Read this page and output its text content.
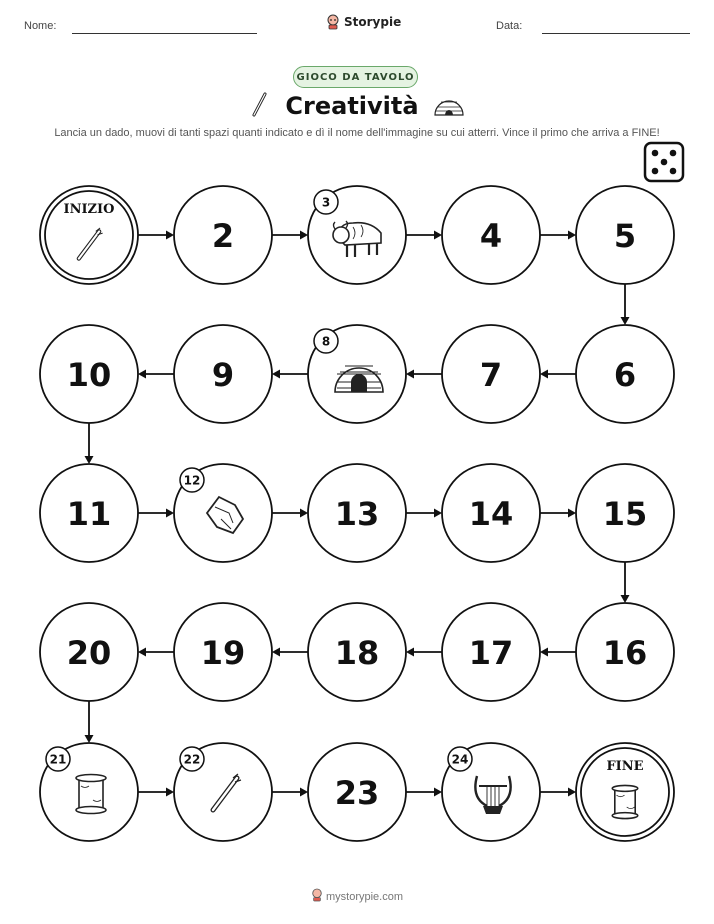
Nome:	Storypie	Data:
GIOCO DA TAVOLO
Creatività
Lancia un dado, muovi di tanti spazi quanti indicato e dì il nome dell'immagine su cui atterri. Vince il primo che arriva a FINE!
INIZIO
2
3
4	5
6
7
8
9
10
11
12
13	14	15
16
17
18
19
20
21	22
23
24	FINE
mystorypie.com
